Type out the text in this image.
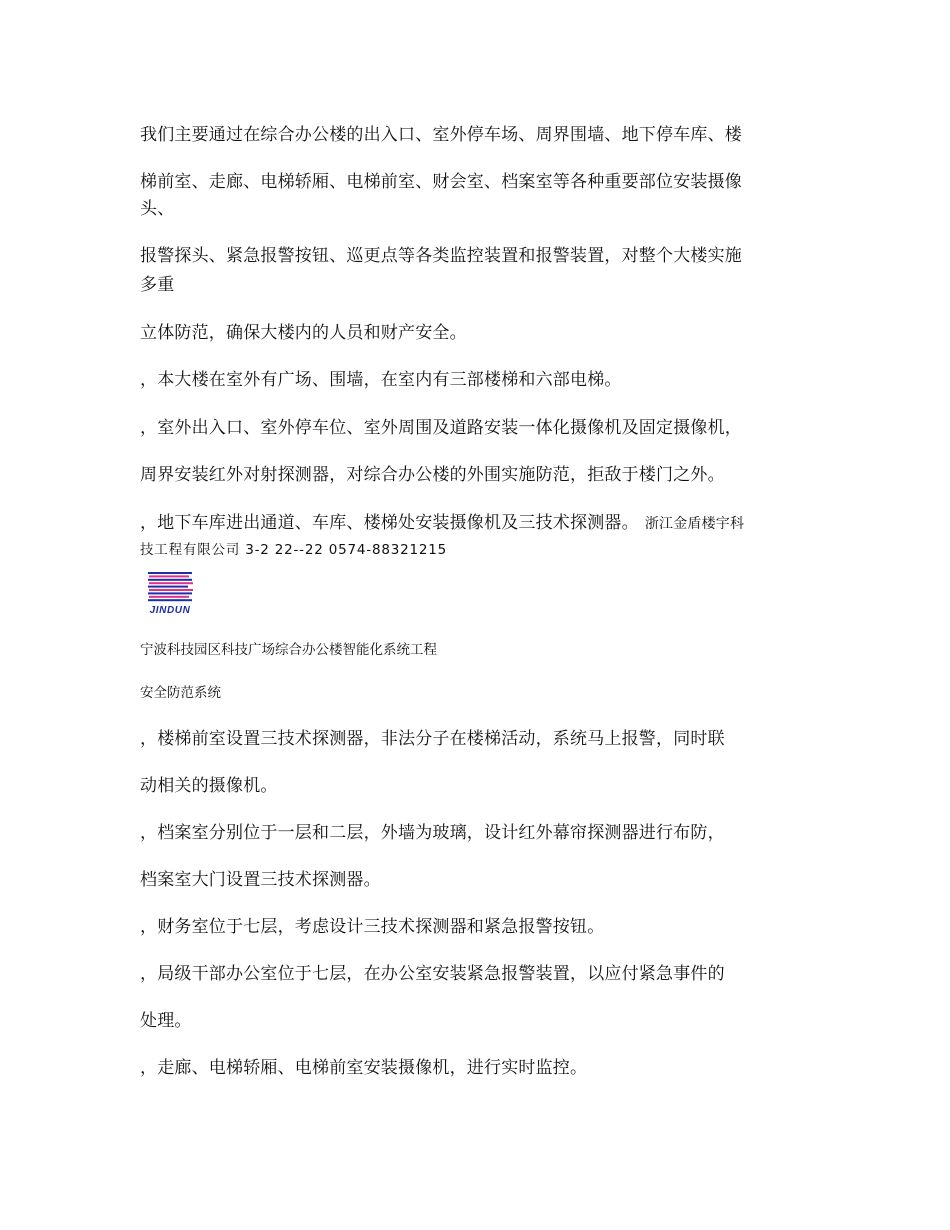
我们主要通过在综合办公楼的出入口、室外停车场、周界围墙、地下停车库、楼
梯前室、走廊、电梯轿厢、电梯前室、财会室、档案室等各种重要部位安装摄像
头、
报警探头、紧急报警按钮、巡更点等各类监控装置和报警装置，对整个大楼实施
多重
立体防范，确保大楼内的人员和财产安全。
，本大楼在室外有广场、围墙，在室内有三部楼梯和六部电梯。
，室外出入口、室外停车位、室外周围及道路安装一体化摄像机及固定摄像机，
周界安装红外对射探测器，对综合办公楼的外围实施防范，拒敌于楼门之外。
，地下车库进出通道、车库、楼梯处安装摄像机及三技术探测器。 浙江金盾楼宇科
技工程有限公司 3-2 22--22 0574-88321215
JINDUN
宁波科技园区科技广场综合办公楼智能化系统工程
安全防范系统
，楼梯前室设置三技术探测器，非法分子在楼梯活动，系统马上报警，同时联
动相关的摄像机。
，档案室分别位于一层和二层，外墙为玻璃，设计红外幕帘探测器进行布防，
档案室大门设置三技术探测器。
，财务室位于七层，考虑设计三技术探测器和紧急报警按钮。
，局级干部办公室位于七层，在办公室安装紧急报警装置，以应付紧急事件的
处理。
，走廊、电梯轿厢、电梯前室安装摄像机，进行实时监控。
